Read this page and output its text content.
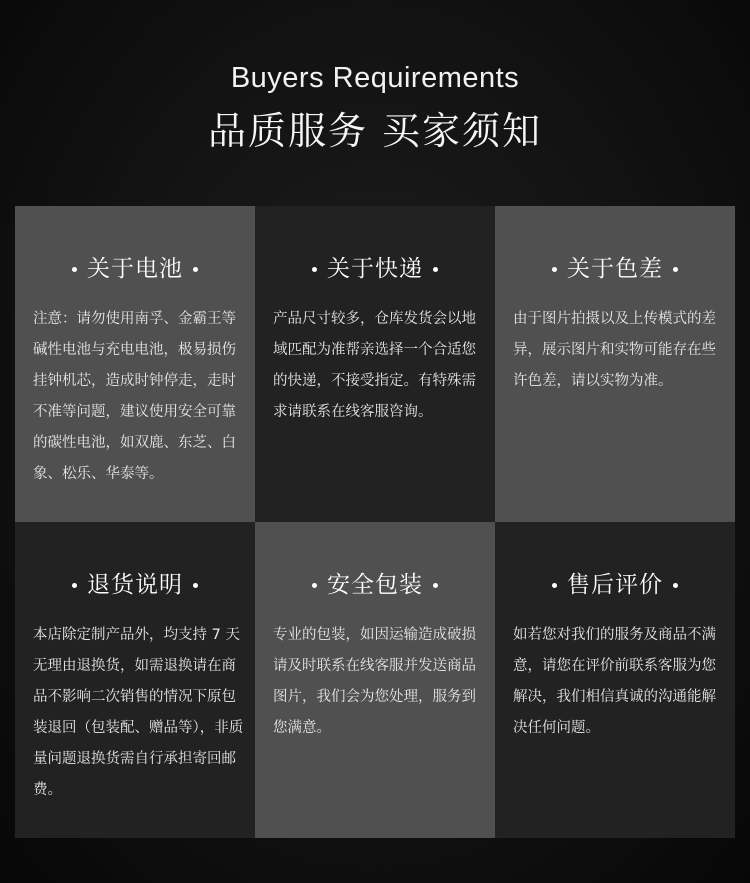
Buyers Requirements
品质服务 买家须知
关于电池
注意：请勿使用南孚、金霸王等碱性电池与充电电池，极易损伤挂钟机芯，造成时钟停走，走时不准等问题，建议使用安全可靠的碳性电池，如双鹿、东芝、白象、松乐、华泰等。
关于快递
产品尺寸较多，仓库发货会以地域匹配为准帮亲选择一个合适您的快递，不接受指定。有特殊需求请联系在线客服咨询。
关于色差
由于图片拍摄以及上传模式的差异，展示图片和实物可能存在些许色差，请以实物为准。
退货说明
本店除定制产品外，均支持 7 天无理由退换货，如需退换请在商品不影响二次销售的情况下原包装退回（包装配、赠品等），非质量问题退换货需自行承担寄回邮费。
安全包装
专业的包装，如因运输造成破损请及时联系在线客服并发送商品图片，我们会为您处理，服务到您满意。
售后评价
如若您对我们的服务及商品不满意，请您在评价前联系客服为您解决，我们相信真诚的沟通能解决任何问题。
